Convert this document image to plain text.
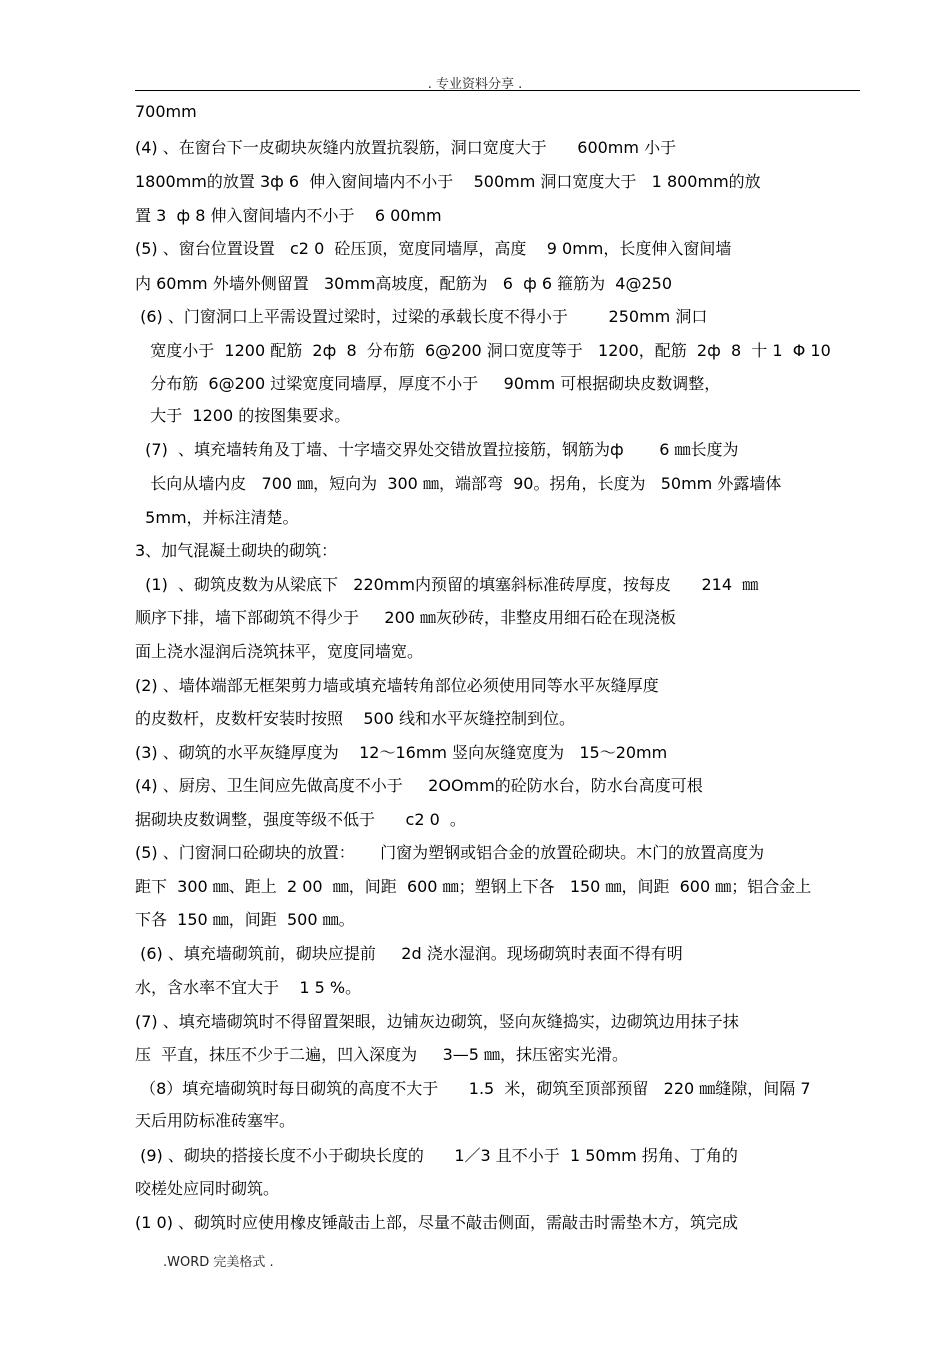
. 专业资料分享 .
700mm
(4) 、在窗台下一皮砌块灰缝内放置抗裂筋，洞口宽度大于      600mm 小于
1800mm的放置 3ф 6  伸入窗间墙内不小于    500mm 洞口宽度大于   1 800mm的放
置 3  ф 8 伸入窗间墙内不小于    6 00mm
(5) 、窗台位置设置   c2 0  砼压顶，宽度同墙厚，高度    9 0mm，长度伸入窗间墙
内 60mm 外墙外侧留置   30mm高坡度，配筋为   6  ф 6 箍筋为  4@250
(6) 、门窗洞口上平需设置过梁时，过梁的承载长度不得小于        250mm 洞口
宽度小于  1200 配筋  2ф  8  分布筋  6@200 洞口宽度等于   1200，配筋  2ф  8  十 1  Φ 10
分布筋  6@200 过梁宽度同墙厚，厚度不小于     90mm 可根据砌块皮数调整，
大于  1200 的按图集要求。
(7)  、填充墙转角及丁墙、十字墙交界处交错放置拉接筋，钢筋为ф       6 ㎜长度为
长向从墙内皮   700 ㎜，短向为  300 ㎜，端部弯  90。拐角，长度为   50mm 外露墙体
5mm，并标注清楚。
3、加气混凝土砌块的砌筑：
(1)  、砌筑皮数为从梁底下   220mm内预留的填塞斜标准砖厚度，按每皮      214  ㎜
顺序下排，墙下部砌筑不得少于     200 ㎜灰砂砖，非整皮用细石砼在现浇板
面上浇水湿润后浇筑抹平，宽度同墙宽。
(2) 、墙体端部无框架剪力墙或填充墙转角部位必须使用同等水平灰缝厚度
的皮数杆，皮数杆安装时按照    500 线和水平灰缝控制到位。
(3) 、砌筑的水平灰缝厚度为    12～16mm 竖向灰缝宽度为   15～20mm
(4) 、厨房、卫生间应先做高度不小于     2OOmm的砼防水台，防水台高度可根
据砌块皮数调整，强度等级不低于      c2 0  。
(5) 、门窗洞口砼砌块的放置：     门窗为塑钢或铝合金的放置砼砌块。木门的放置高度为
距下  300 ㎜、距上  2 00  ㎜，间距  600 ㎜；塑钢上下各   150 ㎜，间距  600 ㎜；铝合金上
下各  150 ㎜，间距  500 ㎜。
(6) 、填充墙砌筑前，砌块应提前     2d 浇水湿润。现场砌筑时表面不得有明
水，含水率不宜大于    1 5 %。
(7) 、填充墙砌筑时不得留置架眼，边铺灰边砌筑，竖向灰缝捣实，边砌筑边用抹子抹
压  平直，抹压不少于二遍，凹入深度为     3—5 ㎜，抹压密实光滑。
（8）填充墙砌筑时每日砌筑的高度不大于      1.5  米，砌筑至顶部预留   220 ㎜缝隙，间隔 7
天后用防标准砖塞牢。
(9) 、砌块的搭接长度不小于砌块长度的      1／3 且不小于  1 50mm 拐角、丁角的
咬槎处应同时砌筑。
(1 0) 、砌筑时应使用橡皮锤敲击上部，尽量不敲击侧面，需敲击时需垫木方，筑完成
.WORD 完美格式 .
